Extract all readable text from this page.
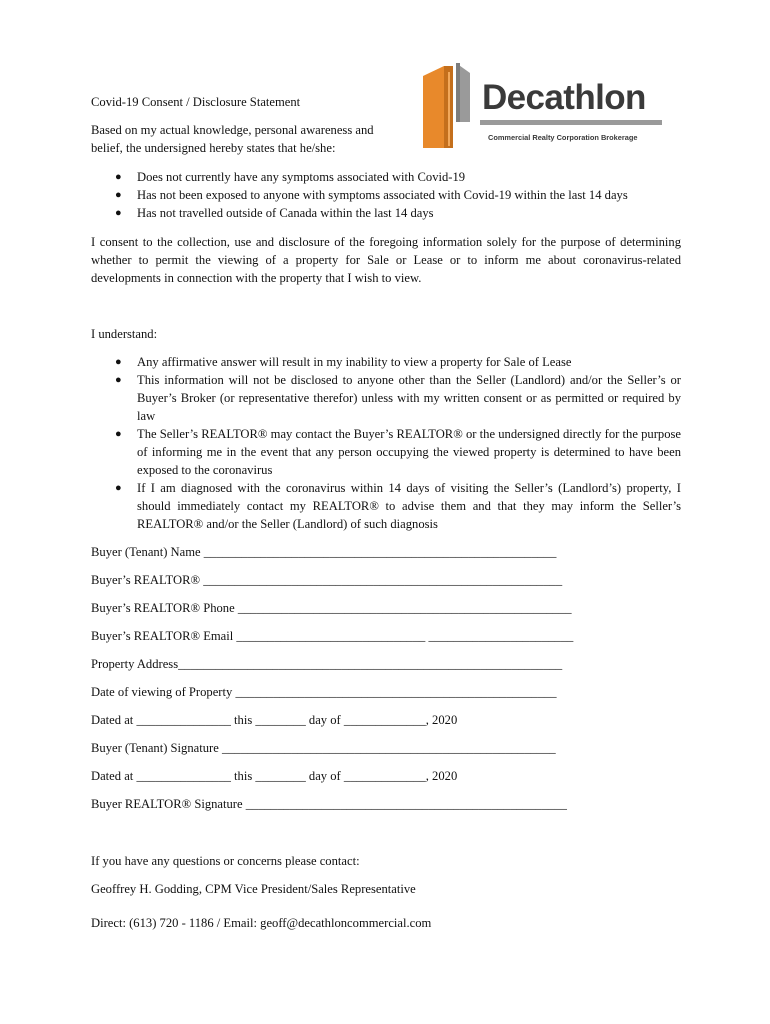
Decathlon
Commercial Realty Corporation Brokerage
Covid-19 Consent / Disclosure Statement
Based on my actual knowledge, personal awareness and
belief, the undersigned hereby states that he/she:
● Does not currently have any symptoms associated with Covid-19
● Has not been exposed to anyone with symptoms associated with Covid-19 within the last 14 days
● Has not travelled outside of Canada within the last 14 days
I consent to the collection, use and disclosure of the foregoing information solely for the purpose of determining whether to permit the viewing of a property for Sale or Lease or to inform me about coronavirus-related developments in connection with the property that I wish to view.
I understand:
● Any affirmative answer will result in my inability to view a property for Sale of Lease
● This information will not be disclosed to anyone other than the Seller (Landlord) and/or the Seller’s or Buyer’s Broker (or representative therefor) unless with my written consent or as permitted or required by law
● The Seller’s REALTOR® may contact the Buyer’s REALTOR® or the undersigned directly for the purpose of informing me in the event that any person occupying the viewed property is determined to have been exposed to the coronavirus
● If I am diagnosed with the coronavirus within 14 days of visiting the Seller’s (Landlord’s) property, I should immediately contact my REALTOR® to advise them and that they may inform the Seller’s REALTOR® and/or the Seller (Landlord) of such diagnosis
Buyer (Tenant) Name ________________________________________________________
Buyer’s REALTOR® _________________________________________________________
Buyer’s REALTOR® Phone _____________________________________________________
Buyer’s REALTOR® Email ______________________________ _______________________
Property Address_____________________________________________________________
Date of viewing of Property ___________________________________________________
Dated at _______________ this ________ day of _____________, 2020
Buyer (Tenant) Signature _____________________________________________________
Dated at _______________ this ________ day of _____________, 2020
Buyer REALTOR® Signature ___________________________________________________
If you have any questions or concerns please contact:
Geoffrey H. Godding, CPM Vice President/Sales Representative
Direct: (613) 720 - 1186 / Email: geoff@decathloncommercial.com
